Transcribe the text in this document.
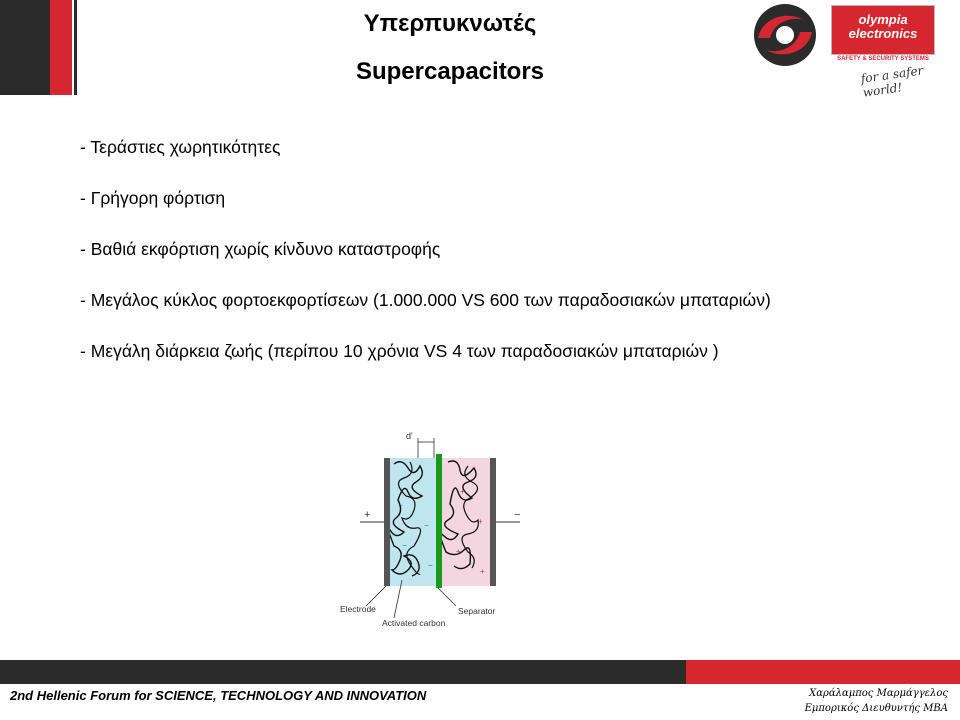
Υπερπυκνωτές
Supercapacitors
olympia
electronics
SAFETY & SECURITY SYSTEMS
for a safer world!
- Τεράστιες χωρητικότητες
- Γρήγορη φόρτιση
- Βαθιά εκφόρτιση χωρίς κίνδυνο καταστροφής
- Μεγάλος κύκλος φορτοεκφορτίσεων (1.000.000 VS 600 των παραδοσιακών μπαταριών)
- Μεγάλη διάρκεια ζωής (περίπου 10 χρόνια VS 4 των παραδοσιακών μπαταριών )
−
−
−
−
+
+
+
+
d'
+	−
Electrode
Activated carbon
Separator
2nd Hellenic Forum for SCIENCE, TECHNOLOGY AND INNOVATION	Χαράλαμπος Μαρμάγγελος
Εμπορικός Διευθυντής MBA
